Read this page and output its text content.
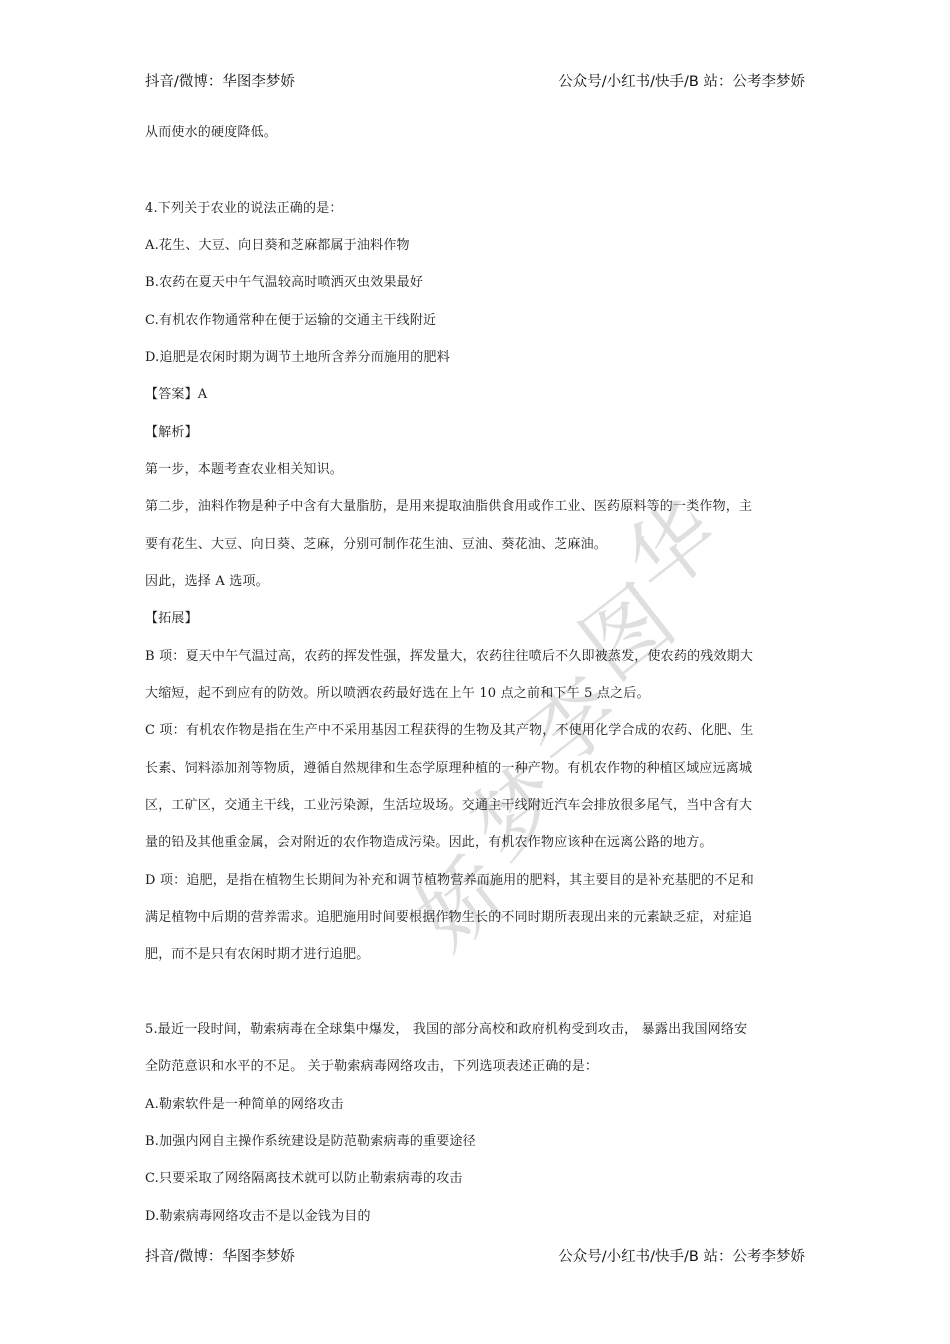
抖音/微博：华图李梦娇	公众号/小红书/快手/B 站：公考李梦娇
华
图
李
梦
娇
从而使水的硬度降低。
4.下列关于农业的说法正确的是：
A.花生、大豆、向日葵和芝麻都属于油料作物
B.农药在夏天中午气温较高时喷洒灭虫效果最好
C.有机农作物通常种在便于运输的交通主干线附近
D.追肥是农闲时期为调节土地所含养分而施用的肥料
【答案】A
【解析】
第一步，本题考查农业相关知识。
第二步，油料作物是种子中含有大量脂肪，是用来提取油脂供食用或作工业、医药原料等的一类作物，主
要有花生、大豆、向日葵、芝麻，分别可制作花生油、豆油、葵花油、芝麻油。
因此，选择 A 选项。
【拓展】
B 项：夏天中午气温过高，农药的挥发性强，挥发量大，农药往往喷后不久即被蒸发，使农药的残效期大
大缩短，起不到应有的防效。所以喷洒农药最好选在上午 10 点之前和下午 5 点之后。
C 项：有机农作物是指在生产中不采用基因工程获得的生物及其产物，不使用化学合成的农药、化肥、生
长素、饲料添加剂等物质，遵循自然规律和生态学原理种植的一种产物。有机农作物的种植区域应远离城
区，工矿区，交通主干线，工业污染源，生活垃圾场。交通主干线附近汽车会排放很多尾气，当中含有大
量的铅及其他重金属，会对附近的农作物造成污染。因此，有机农作物应该种在远离公路的地方。
D 项：追肥，是指在植物生长期间为补充和调节植物营养而施用的肥料，其主要目的是补充基肥的不足和
满足植物中后期的营养需求。追肥施用时间要根据作物生长的不同时期所表现出来的元素缺乏症，对症追
肥，而不是只有农闲时期才进行追肥。
5.最近一段时间，勒索病毒在全球集中爆发， 我国的部分高校和政府机构受到攻击， 暴露出我国网络安
全防范意识和水平的不足。 关于勒索病毒网络攻击，下列选项表述正确的是：
A.勒索软件是一种简单的网络攻击
B.加强内网自主操作系统建设是防范勒索病毒的重要途径
C.只要采取了网络隔离技术就可以防止勒索病毒的攻击
D.勒索病毒网络攻击不是以金钱为目的
抖音/微博：华图李梦娇	公众号/小红书/快手/B 站：公考李梦娇
